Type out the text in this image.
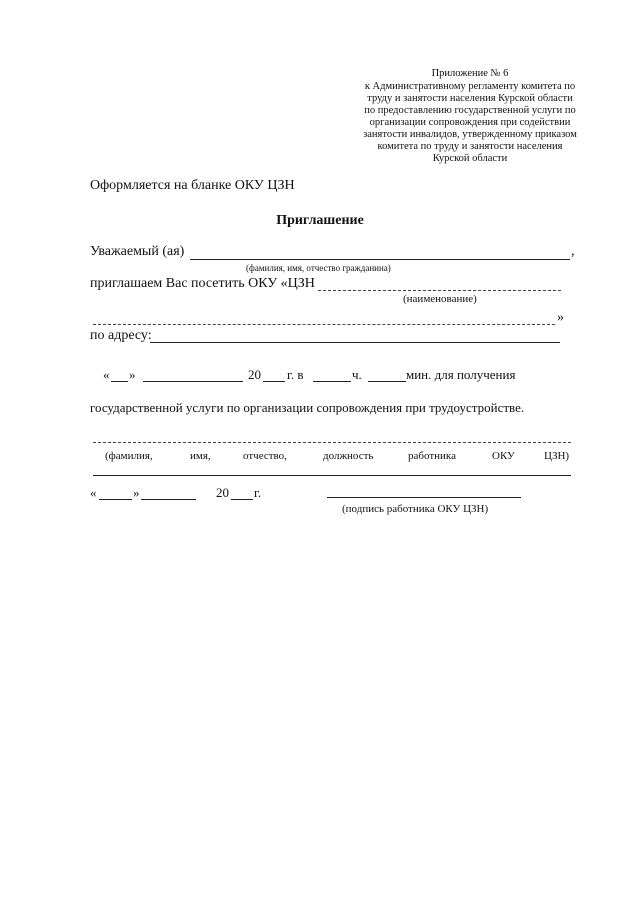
Приложение № 6
к Административному регламенту комитета по
труду и занятости населения Курской области
по предоставлению государственной услуги по
организации сопровождения при содействии
занятости инвалидов, утвержденному приказом
комитета по труду и занятости населения
Курской области
Оформляется на бланке ОКУ ЦЗН
Приглашение
Уважаемый (ая)	,
(фамилия, имя, отчество гражданина)
приглашаем Вас посетить ОКУ «ЦЗН
(наименование)
»
по адресу:
« »	20 г. в	ч.	мин. для получения
государственной услуги по организации сопровождения при трудоустройстве.
(фамилия,	имя,	отчество,	должность	работника	ОКУ	ЦЗН)
«	»	20 г.
(подпись работника ОКУ ЦЗН)
